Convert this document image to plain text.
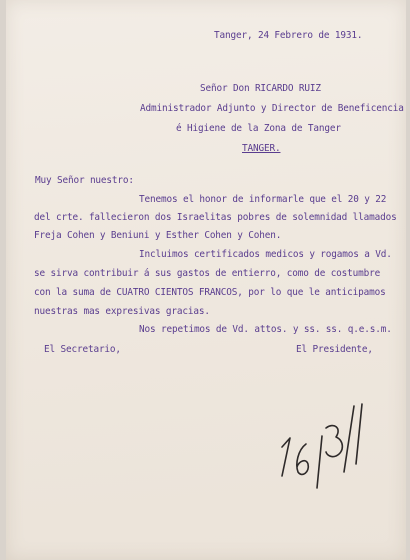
Tanger, 24 Febrero de 1931.
Señor Don RICARDO RUIZ
Administrador Adjunto y Director de Beneficencia
é Higiene de la Zona de Tanger
TANGER.
Muy Señor nuestro:
Tenemos el honor de informarle que el 20 y 22
del crte. fallecieron dos Israelitas pobres de solemnidad llamados
Freja Cohen y Beniuni y Esther Cohen y Cohen.
Incluimos certificados medicos y rogamos a Vd.
se sirva contribuir á sus gastos de entierro, como de costumbre
con la suma de CUATRO CIENTOS FRANCOS, por lo que le anticipamos
nuestras mas expresivas gracias.
Nos repetimos de Vd. attos. y ss. ss. q.e.s.m.
El Secretario,	El Presidente,
